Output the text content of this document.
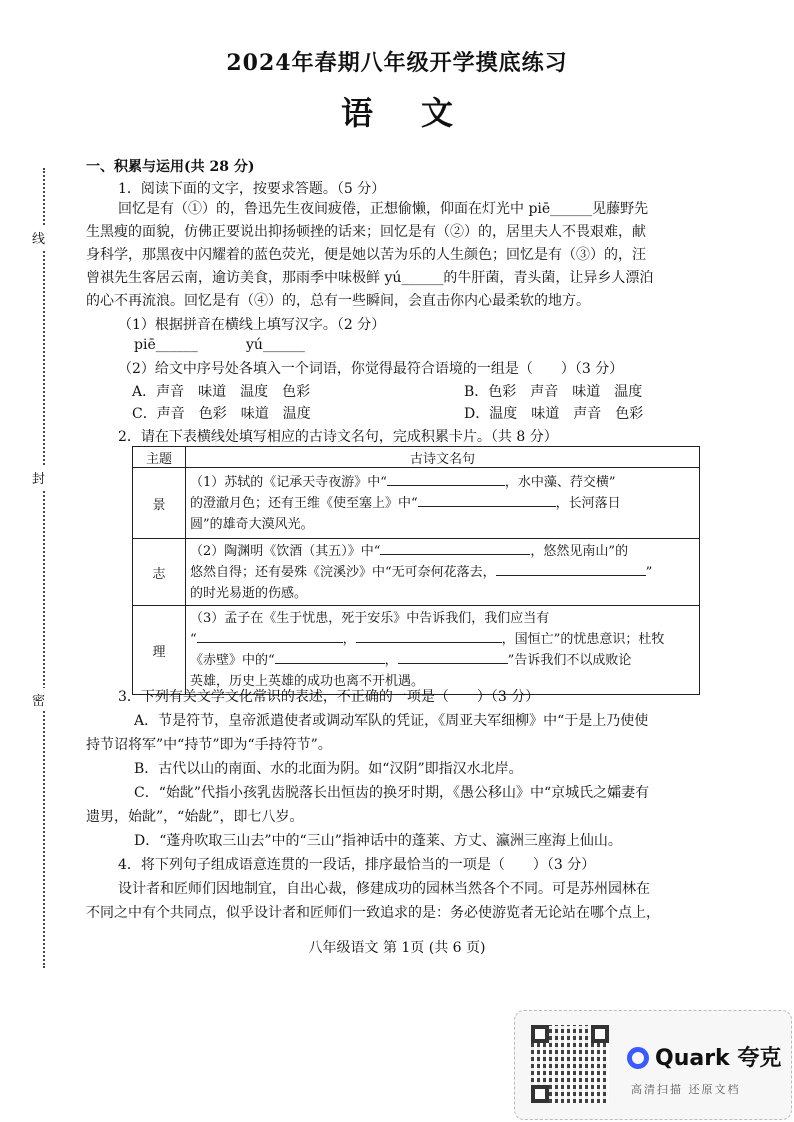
线
封
密
2024年春期八年级开学摸底练习
语文
一、积累与运用(共 28 分)
1．阅读下面的文字，按要求答题。（5 分）
回忆是有（①）的，鲁迅先生夜间疲倦，正想偷懒，仰面在灯光中 piē______见藤野先
生黑瘦的面貌，仿佛正要说出抑扬顿挫的话来；回忆是有（②）的，居里夫人不畏艰难，献
身科学，那黑夜中闪耀着的蓝色荧光，便是她以苦为乐的人生颜色；回忆是有（③）的，汪
曾祺先生客居云南，逾访美食，那雨季中味极鲜 yú______的牛肝菌，青头菌，让异乡人漂泊
的心不再流浪。回忆是有（④）的，总有一些瞬间，会直击你内心最柔软的地方。
（1）根据拼音在横线上填写汉字。（2 分）
piē______	yú______
（2）给文中序号处各填入一个词语，你觉得最符合语境的一组是（　　）（3 分）
A．声音　味道　温度　色彩	B．色彩　声音　味道　温度
C．声音　色彩　味道　温度	D．温度　味道　声音　色彩
2．请在下表横线处填写相应的古诗文名句，完成积累卡片。（共 8 分）
主题	古诗文名句
景	（1）苏轼的《记承天寺夜游》中“ ，水中藻、荇交横”
的澄澈月色；还有王维《使至塞上》中“ ，长河落日
圆”的雄奇大漠风光。

志	（2）陶渊明《饮酒（其五）》中“ ，悠然见南山”的
悠然自得；还有晏殊《浣溪沙》中“无可奈何花落去， ”
的时光易逝的伤感。

理	（3）孟子在《生于忧患，死于安乐》中告诉我们，我们应当有
“ ， ，国恒亡”的忧患意识；杜牧
《赤壁》中的“ ， ”告诉我们不以成败论
英雄，历史上英雄的成功也离不开机遇。
3．下列有关文学文化常识的表述，不正确的一项是（　　）（3 分）
A．节是符节，皇帝派遣使者或调动军队的凭证，《周亚夫军细柳》中“于是上乃使使
持节诏将军”中“持节”即为“手持符节”。
B．古代以山的南面、水的北面为阴。如“汉阴”即指汉水北岸。
C．“始龀”代指小孩乳齿脱落长出恒齿的换牙时期，《愚公移山》中“京城氏之孀妻有
遗男，始龀”，“始龀”，即七八岁。
D．“蓬舟吹取三山去”中的“三山”指神话中的蓬莱、方丈、瀛洲三座海上仙山。
4．将下列句子组成语意连贯的一段话，排序最恰当的一项是（　　）（3 分）
设计者和匠师们因地制宜，自出心裁，修建成功的园林当然各个不同。可是苏州园林在
不同之中有个共同点，似乎设计者和匠师们一致追求的是：务必使游览者无论站在哪个点上，
八年级语文 第 1页 (共 6 页)
Quark 夸克
高清扫描 还原文档
